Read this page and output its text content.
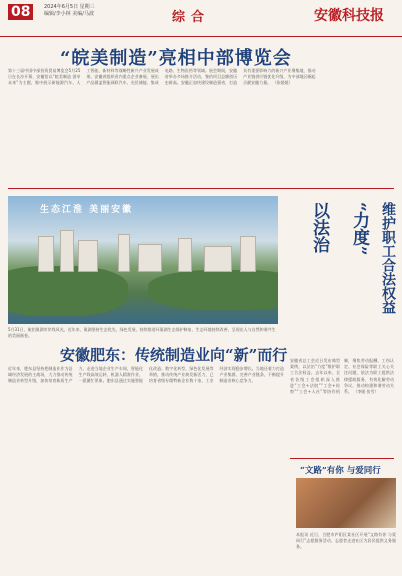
08	2024年6月5日 星期三
编辑/李小林 美编/马波	综合	安徽科技报
“皖美制造”亮相中部博览会
第十三届中国中部投资贸易博览会5月25日在长沙开幕，安徽馆以“皖美制造 创享未来”为主题，集中展示新能源汽车、人工智能、新材料等战略性新兴产业发展成果。安徽省组织省内重点企业参展，展出产品涵盖智能网联汽车、光伏储能、集成电路、生物医药等领域。展会期间，安徽省举办多场推介活动，签约项目总额创历史新高。安徽正加快建设制造强省，打造具有重要影响力的新兴产业聚集地，推动产业链供应链优化升级，为中部地区崛起贡献安徽力量。 （张媛媛）
生态江淮 美丽安徽
5月31日，航拍巢湖市岸线风光。近年来，巢湖坚持生态优先、绿色发展，持续推进环巢湖生态保护修复，生态环境持续改善，呈现出人与自然和谐共生的美丽画卷。
以法治	“力度” 维护职工合法权益
安徽省总工会近日发布典型案例，以法治“力度”维护职工合法权益。去年以来，全省各级工会组织深入推进“工会+法院”“工会+检察”“工会+人社”等协作机制，聚焦劳动报酬、工伤认定、社会保险等职工关心关注问题，依法为职工提供法律援助服务，有效化解劳动争议，推动构建和谐劳动关系。 （李媛 张雪）
安徽肥东：传统制造业向“新”而行
近年来，肥东县坚持把制造业作为县域经济发展的主战场，大力推动传统制造业转型升级，加快培育新质生产力。走进当地企业生产车间，智能化生产线高效运转，机器人精准作业，一派繁忙景象。肥东县通过实施智能化改造、数字化转型、绿色化发展等举措，推动传统产业焕发新活力，已培育省级专精特新企业数十家，工业经济实现稳步增长。当地还着力打造产业集群，完善产业链条，不断提升制造业核心竞争力。
“文路”有你 与爱同行
本报讯 近日，合肥市庐阳区某社区开展“文路有你 与爱同行”志愿服务活动，志愿者走进社区为居民提供义务服务。
